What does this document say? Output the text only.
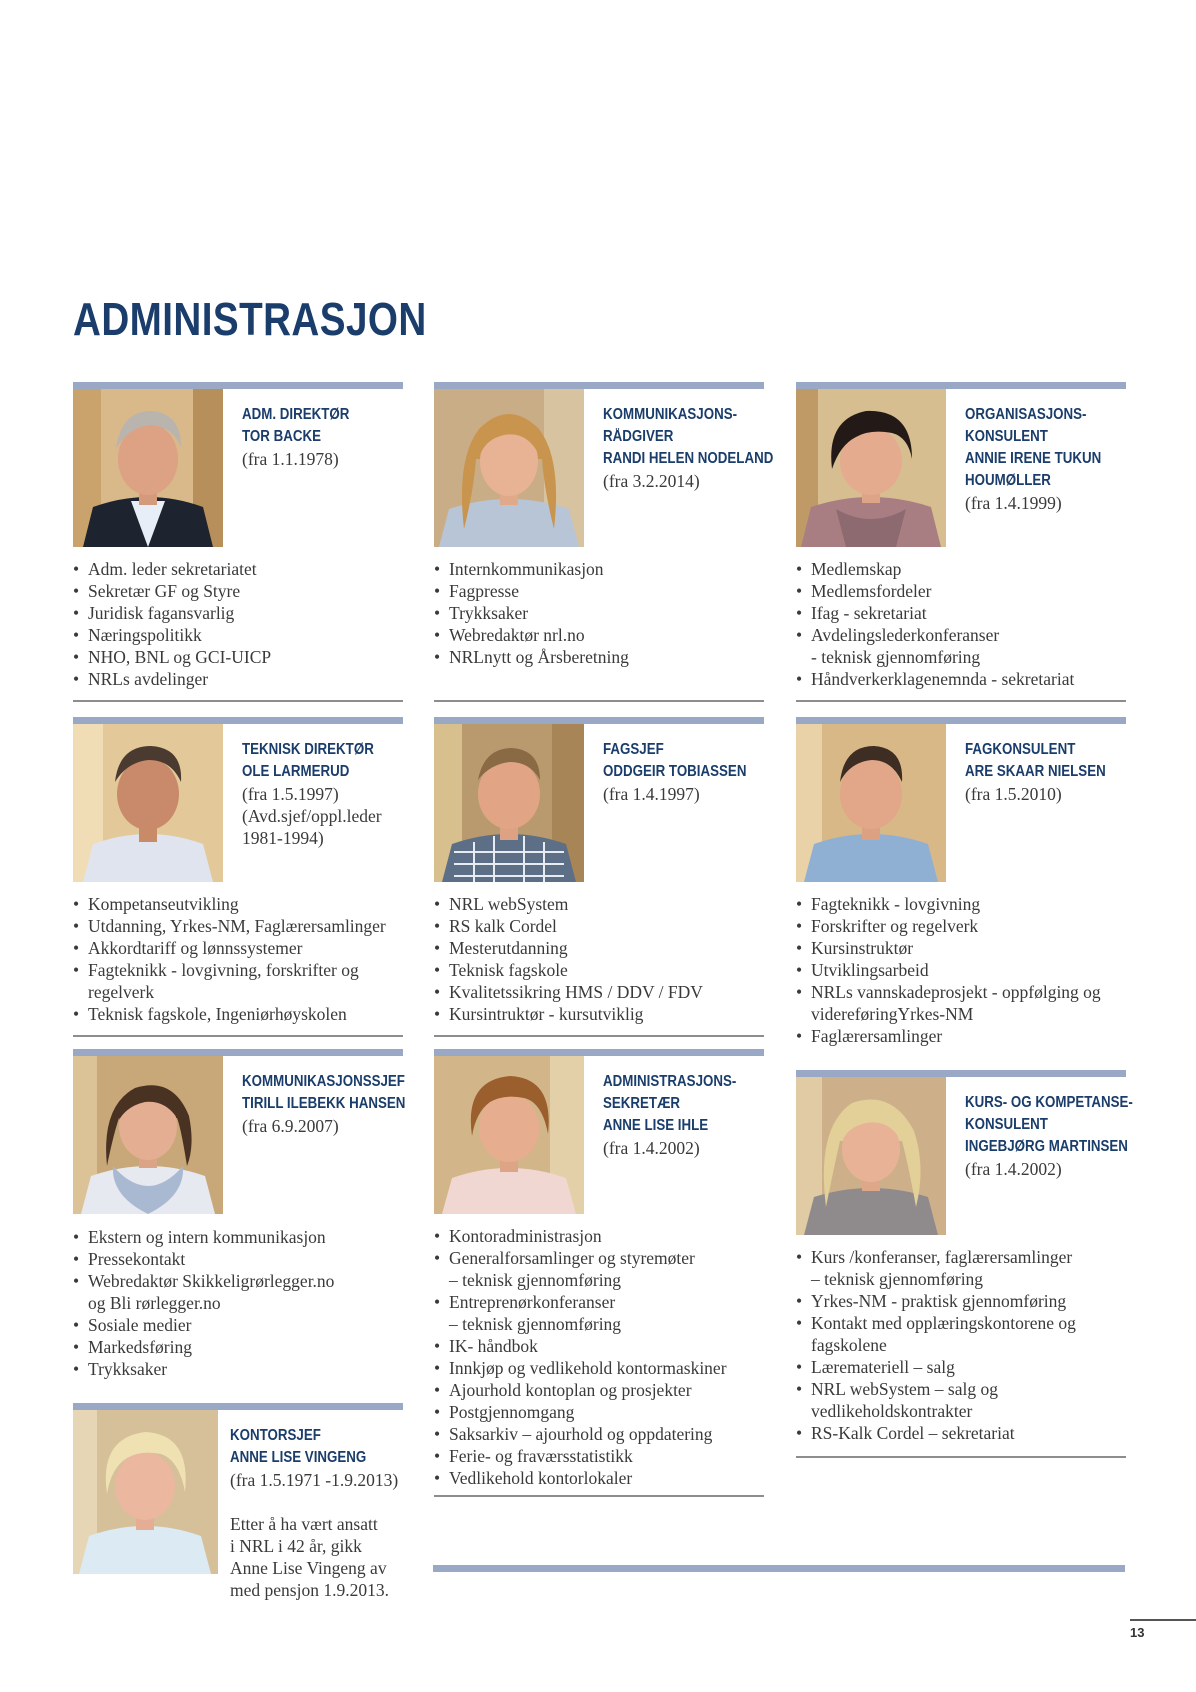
ADMINISTRASJON
ADM. DIREKTØR
TOR BACKE
(fra 1.1.1978)
• Adm. leder sekretariatet
• Sekretær GF og Styre
• Juridisk fagansvarlig
• Næringspolitikk
• NHO, BNL og GCI-UICP
• NRLs avdelinger
KOMMUNIKASJONS-
RÅDGIVER
RANDI HELEN NODELAND
(fra 3.2.2014)
• Internkommunikasjon
• Fagpresse
• Trykksaker
• Webredaktør nrl.no
• NRLnytt og Årsberetning
ORGANISASJONS-
KONSULENT
ANNIE IRENE TUKUN
HOUMØLLER
(fra 1.4.1999)
• Medlemskap
• Medlemsfordeler
• Ifag - sekretariat
• Avdelingslederkonferanser
- teknisk gjennomføring
• Håndverkerklagenemnda - sekretariat
TEKNISK DIREKTØR
OLE LARMERUD
(fra 1.5.1997)
(Avd.sjef/oppl.leder
1981-1994)
• Kompetanseutvikling
• Utdanning, Yrkes-NM, Faglærersamlinger
• Akkordtariff og lønnssystemer
• Fagteknikk - lovgivning, forskrifter og
regelverk
• Teknisk fagskole, Ingeniørhøyskolen
FAGSJEF
ODDGEIR TOBIASSEN
(fra 1.4.1997)
• NRL webSystem
• RS kalk Cordel
• Mesterutdanning
• Teknisk fagskole
• Kvalitetssikring HMS / DDV / FDV
• Kursintruktør - kursutviklig
FAGKONSULENT
ARE SKAAR NIELSEN
(fra 1.5.2010)
• Fagteknikk - lovgivning
• Forskrifter og regelverk
• Kursinstruktør
• Utviklingsarbeid
• NRLs vannskadeprosjekt - oppfølging og
videreføringYrkes-NM
• Faglærersamlinger
KOMMUNIKASJONSSJEF
TIRILL ILEBEKK HANSEN
(fra 6.9.2007)
• Ekstern og intern kommunikasjon
• Pressekontakt
• Webredaktør Skikkeligrørlegger.no
og Bli rørlegger.no
• Sosiale medier
• Markedsføring
• Trykksaker
ADMINISTRASJONS-
SEKRETÆR
ANNE LISE IHLE
(fra 1.4.2002)
• Kontoradministrasjon
• Generalforsamlinger og styremøter
– teknisk gjennomføring
• Entreprenørkonferanser
– teknisk gjennomføring
• IK- håndbok
• Innkjøp og vedlikehold kontormaskiner
• Ajourhold kontoplan og prosjekter
• Postgjennomgang
• Saksarkiv – ajourhold og oppdatering
• Ferie- og fraværsstatistikk
• Vedlikehold kontorlokaler
KURS- OG KOMPETANSE-
KONSULENT
INGEBJØRG MARTINSEN
(fra 1.4.2002)
• Kurs /konferanser, faglærersamlinger
– teknisk gjennomføring
• Yrkes-NM - praktisk gjennomføring
• Kontakt med opplæringskontorene og
fagskolene
• Læremateriell – salg
• NRL webSystem – salg og
vedlikeholdskontrakter
• RS-Kalk Cordel – sekretariat
KONTORSJEF
ANNE LISE VINGENG
(fra 1.5.1971 -1.9.2013)
Etter å ha vært ansatt
i NRL i 42 år, gikk
Anne Lise Vingeng av
med pensjon 1.9.2013.
13
